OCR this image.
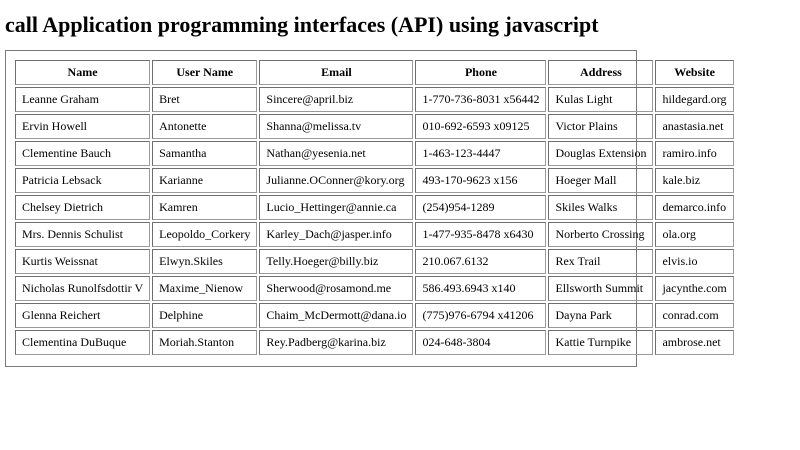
call Application programming interfaces (API) using javascript
Name	User Name	Email	Phone	Address	Website
Leanne Graham	Bret	Sincere@april.biz	1-770-736-8031 x56442	Kulas Light	hildegard.org
Ervin Howell	Antonette	Shanna@melissa.tv	010-692-6593 x09125	Victor Plains	anastasia.net
Clementine Bauch	Samantha	Nathan@yesenia.net	1-463-123-4447	Douglas Extension	ramiro.info
Patricia Lebsack	Karianne	Julianne.OConner@kory.org	493-170-9623 x156	Hoeger Mall	kale.biz
Chelsey Dietrich	Kamren	Lucio_Hettinger@annie.ca	(254)954-1289	Skiles Walks	demarco.info
Mrs. Dennis Schulist	Leopoldo_Corkery	Karley_Dach@jasper.info	1-477-935-8478 x6430	Norberto Crossing	ola.org
Kurtis Weissnat	Elwyn.Skiles	Telly.Hoeger@billy.biz	210.067.6132	Rex Trail	elvis.io
Nicholas Runolfsdottir V	Maxime_Nienow	Sherwood@rosamond.me	586.493.6943 x140	Ellsworth Summit	jacynthe.com
Glenna Reichert	Delphine	Chaim_McDermott@dana.io	(775)976-6794 x41206	Dayna Park	conrad.com
Clementina DuBuque	Moriah.Stanton	Rey.Padberg@karina.biz	024-648-3804	Kattie Turnpike	ambrose.net
